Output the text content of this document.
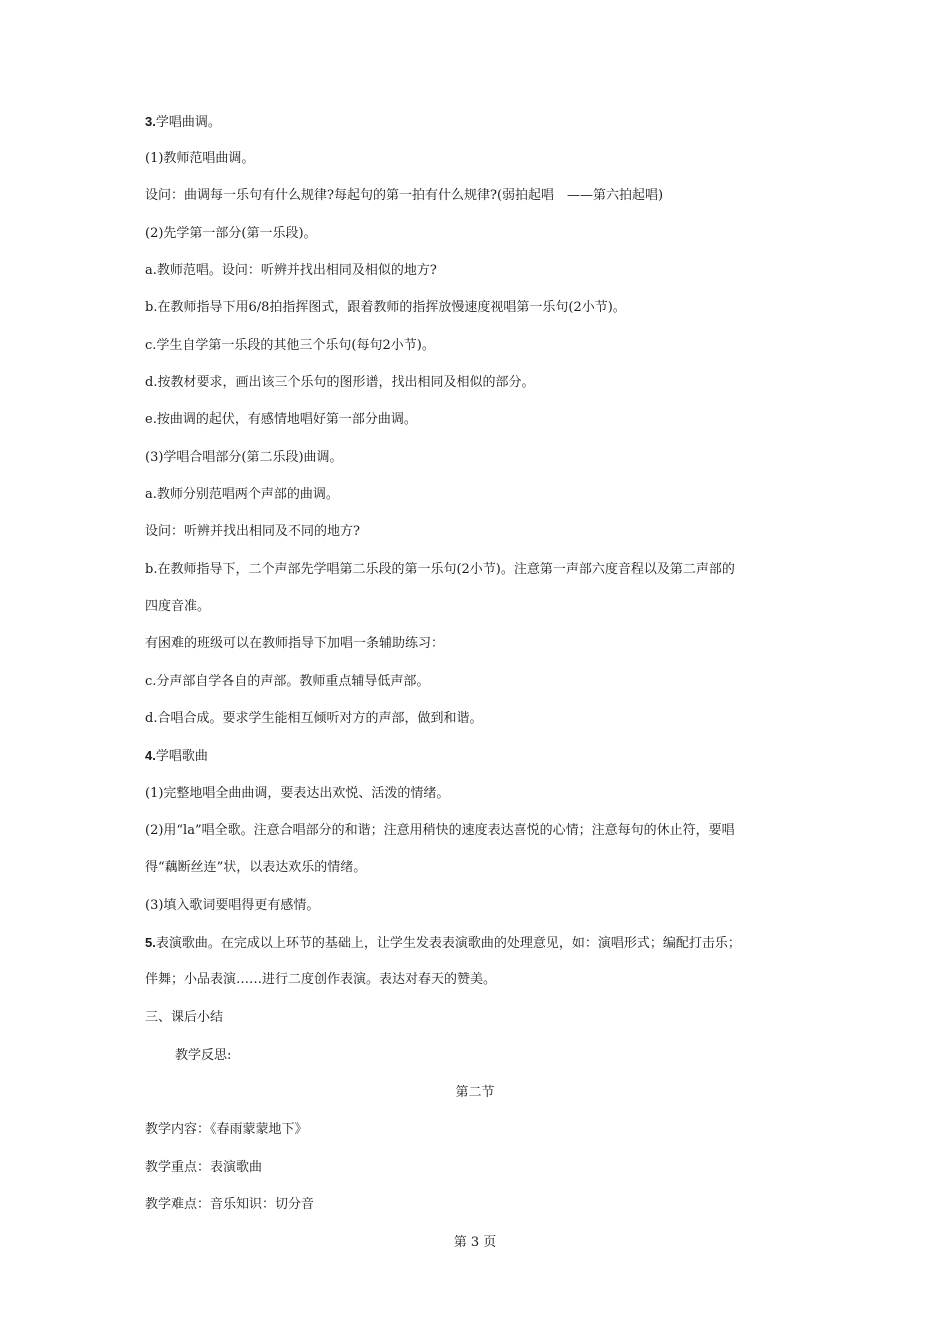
3.学唱曲调。
(1)教师范唱曲调。
设问：曲调每一乐句有什么规律?每起句的第一拍有什么规律?(弱拍起唱　——第六拍起唱)
(2)先学第一部分(第一乐段)。
a.教师范唱。设问：听辨并找出相同及相似的地方?
b.在教师指导下用6/8拍指挥图式，跟着教师的指挥放慢速度视唱第一乐句(2小节)。
c.学生自学第一乐段的其他三个乐句(每句2小节)。
d.按教材要求，画出该三个乐句的图形谱，找出相同及相似的部分。
e.按曲调的起伏，有感情地唱好第一部分曲调。
(3)学唱合唱部分(第二乐段)曲调。
a.教师分别范唱两个声部的曲调。
设问：听辨并找出相同及不同的地方?
b.在教师指导下，二个声部先学唱第二乐段的第一乐句(2小节)。注意第一声部六度音程以及第二声部的
四度音准。
有困难的班级可以在教师指导下加唱一条辅助练习：
c.分声部自学各自的声部。教师重点辅导低声部。
d.合唱合成。要求学生能相互倾听对方的声部，做到和谐。
4.学唱歌曲
(1)完整地唱全曲曲调，要表达出欢悦、活泼的情绪。
(2)用“la”唱全歌。注意合唱部分的和谐；注意用稍快的速度表达喜悦的心情；注意每句的休止符，要唱
得“藕断丝连”状，以表达欢乐的情绪。
(3)填入歌词要唱得更有感情。
5.表演歌曲。在完成以上环节的基础上，让学生发表表演歌曲的处理意见，如：演唱形式；编配打击乐；
伴舞；小品表演……进行二度创作表演。表达对春天的赞美。
三、课后小结
教学反思:
第二节
教学内容：《春雨蒙蒙地下》
教学重点：表演歌曲
教学难点：音乐知识：切分音
第 3 页
